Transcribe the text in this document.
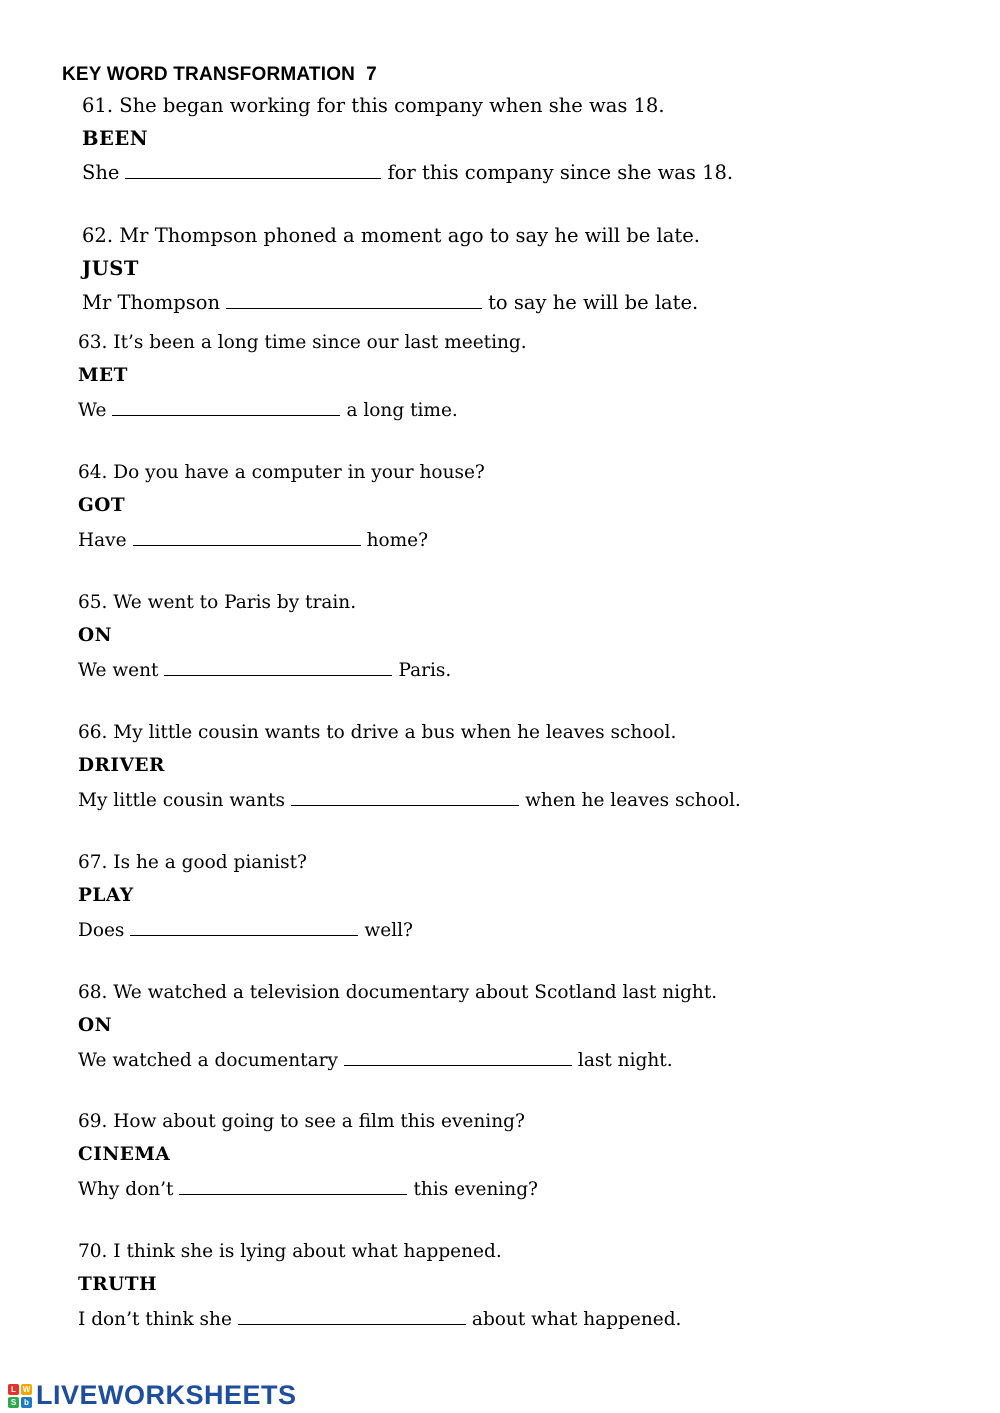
KEY WORD TRANSFORMATION  7
61. She began working for this company when she was 18.
BEEN
She	for this company since she was 18.
62. Mr Thompson phoned a moment ago to say he will be late.
JUST
Mr Thompson	to say he will be late.
63. It’s been a long time since our last meeting.
MET
We	a long time.
64. Do you have a computer in your house?
GOT
Have	home?
65. We went to Paris by train.
ON
We went	Paris.
66. My little cousin wants to drive a bus when he leaves school.
DRIVER
My little cousin wants	when he leaves school.
67. Is he a good pianist?
PLAY
Does	well?
68. We watched a television documentary about Scotland last night.
ON
We watched a documentary	last night.
69. How about going to see a film this evening?
CINEMA
Why don’t	this evening?
70. I think she is lying about what happened.
TRUTH
I don’t think she	about what happened.
L W
S b LIVEWORKSHEETS
